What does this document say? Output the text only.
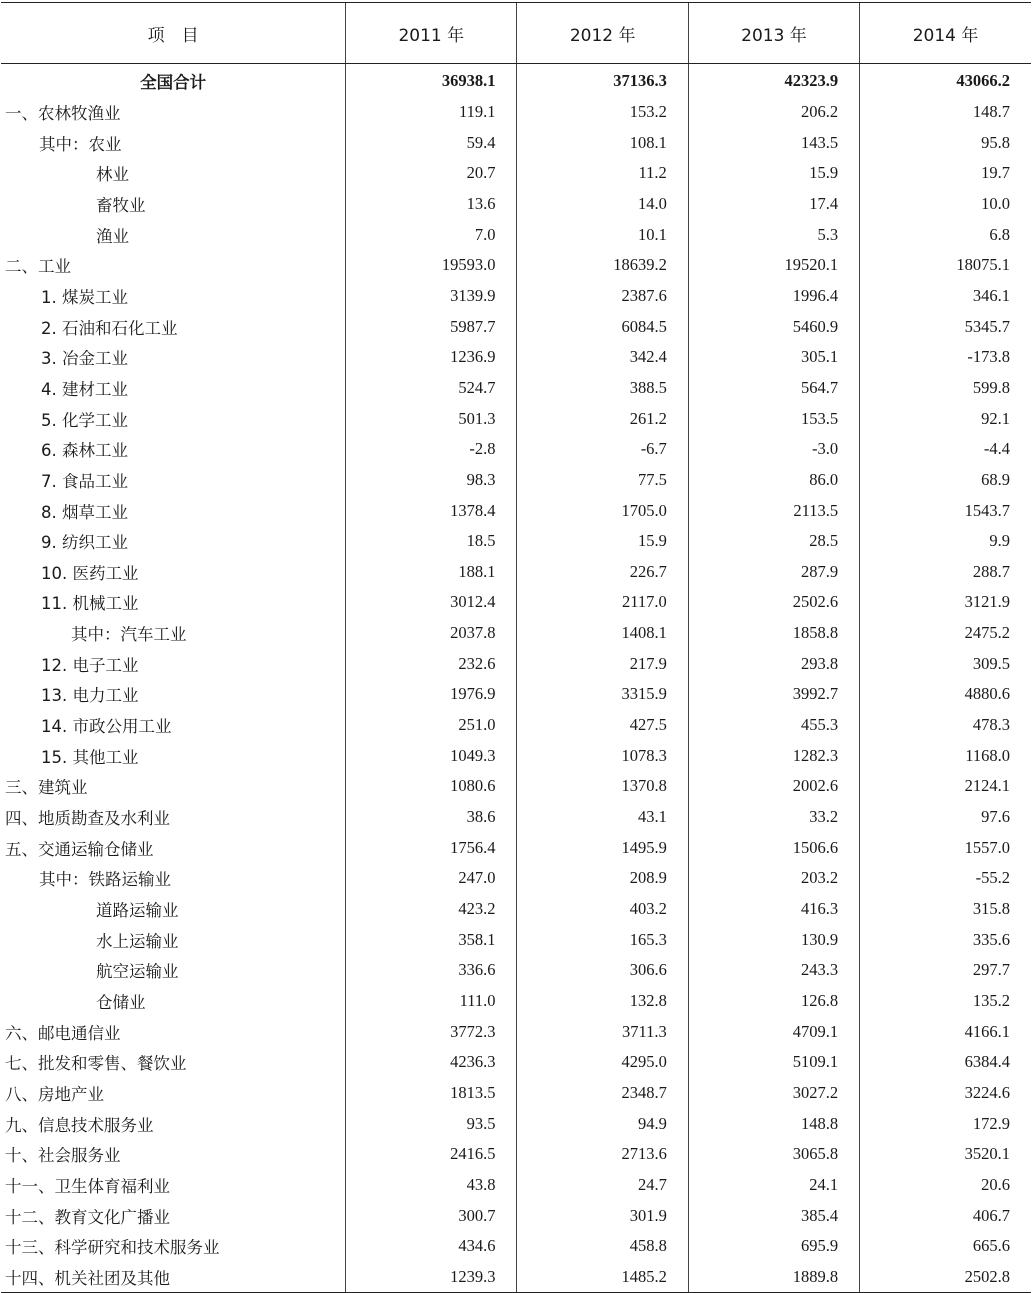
项　目	2011 年	2012 年	2013 年	2014 年
全国合计	36938.1	37136.3	42323.9	43066.2
一、农林牧渔业	119.1	153.2	206.2	148.7
其中：农业	59.4	108.1	143.5	95.8
林业	20.7	11.2	15.9	19.7
畜牧业	13.6	14.0	17.4	10.0
渔业	7.0	10.1	5.3	6.8
二、工业	19593.0	18639.2	19520.1	18075.1
1. 煤炭工业	3139.9	2387.6	1996.4	346.1
2. 石油和石化工业	5987.7	6084.5	5460.9	5345.7
3. 冶金工业	1236.9	342.4	305.1	-173.8
4. 建材工业	524.7	388.5	564.7	599.8
5. 化学工业	501.3	261.2	153.5	92.1
6. 森林工业	-2.8	-6.7	-3.0	-4.4
7. 食品工业	98.3	77.5	86.0	68.9
8. 烟草工业	1378.4	1705.0	2113.5	1543.7
9. 纺织工业	18.5	15.9	28.5	9.9
10. 医药工业	188.1	226.7	287.9	288.7
11. 机械工业	3012.4	2117.0	2502.6	3121.9
其中：汽车工业	2037.8	1408.1	1858.8	2475.2
12. 电子工业	232.6	217.9	293.8	309.5
13. 电力工业	1976.9	3315.9	3992.7	4880.6
14. 市政公用工业	251.0	427.5	455.3	478.3
15. 其他工业	1049.3	1078.3	1282.3	1168.0
三、建筑业	1080.6	1370.8	2002.6	2124.1
四、地质勘查及水利业	38.6	43.1	33.2	97.6
五、交通运输仓储业	1756.4	1495.9	1506.6	1557.0
其中：铁路运输业	247.0	208.9	203.2	-55.2
道路运输业	423.2	403.2	416.3	315.8
水上运输业	358.1	165.3	130.9	335.6
航空运输业	336.6	306.6	243.3	297.7
仓储业	111.0	132.8	126.8	135.2
六、邮电通信业	3772.3	3711.3	4709.1	4166.1
七、批发和零售、餐饮业	4236.3	4295.0	5109.1	6384.4
八、房地产业	1813.5	2348.7	3027.2	3224.6
九、信息技术服务业	93.5	94.9	148.8	172.9
十、社会服务业	2416.5	2713.6	3065.8	3520.1
十一、卫生体育福利业	43.8	24.7	24.1	20.6
十二、教育文化广播业	300.7	301.9	385.4	406.7
十三、科学研究和技术服务业	434.6	458.8	695.9	665.6
十四、机关社团及其他	1239.3	1485.2	1889.8	2502.8
